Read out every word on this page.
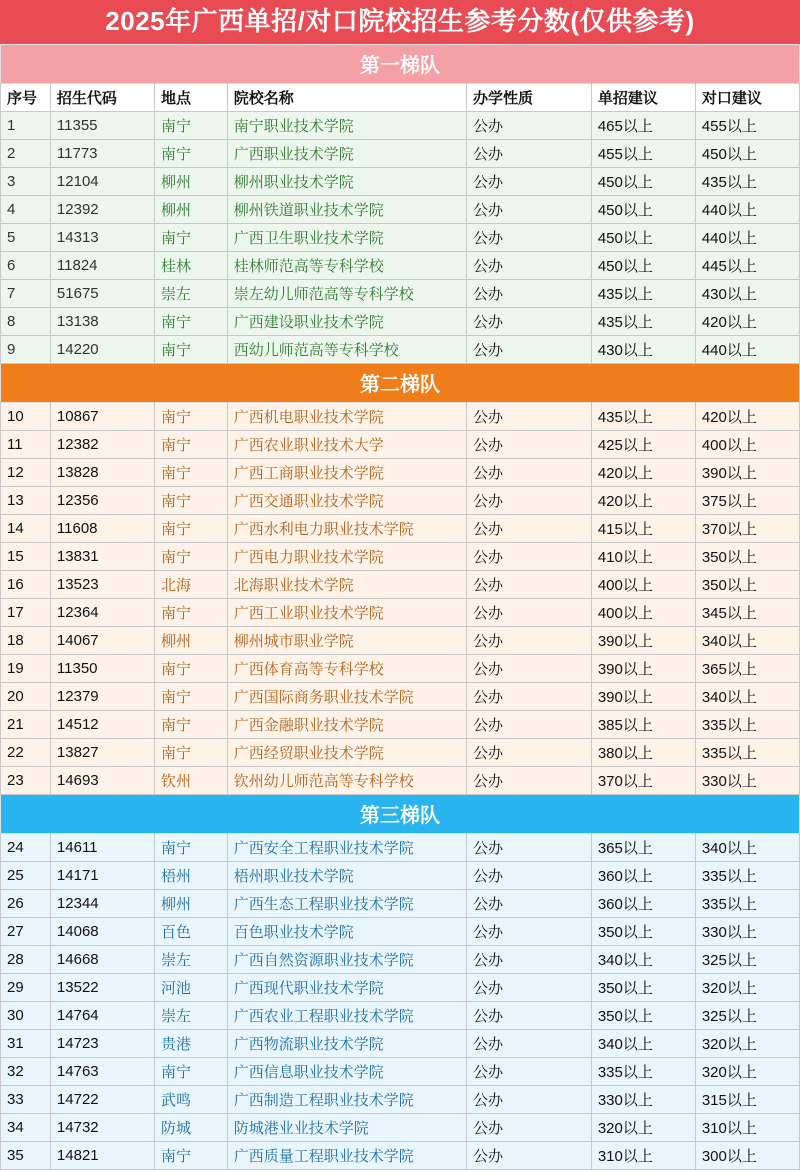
2025年广西单招/对口院校招生参考分数(仅供参考)
第一梯队						
序号	招生代码	地点	院校名称	办学性质	单招建议	对口建议
1	11355	南宁	南宁职业技术学院	公办	465以上	455以上
2	11773	南宁	广西职业技术学院	公办	455以上	450以上
3	12104	柳州	柳州职业技术学院	公办	450以上	435以上
4	12392	柳州	柳州铁道职业技术学院	公办	450以上	440以上
5	14313	南宁	广西卫生职业技术学院	公办	450以上	440以上
6	11824	桂林	桂林师范高等专科学校	公办	450以上	445以上
7	51675	崇左	崇左幼儿师范高等专科学校	公办	435以上	430以上
8	13138	南宁	广西建设职业技术学院	公办	435以上	420以上
9	14220	南宁	西幼儿师范高等专科学校	公办	430以上	440以上
第二梯队						
10	10867	南宁	广西机电职业技术学院	公办	435以上	420以上
11	12382	南宁	广西农业职业技术大学	公办	425以上	400以上
12	13828	南宁	广西工商职业技术学院	公办	420以上	390以上
13	12356	南宁	广西交通职业技术学院	公办	420以上	375以上
14	11608	南宁	广西水利电力职业技术学院	公办	415以上	370以上
15	13831	南宁	广西电力职业技术学院	公办	410以上	350以上
16	13523	北海	北海职业技术学院	公办	400以上	350以上
17	12364	南宁	广西工业职业技术学院	公办	400以上	345以上
18	14067	柳州	柳州城市职业学院	公办	390以上	340以上
19	11350	南宁	广西体育高等专科学校	公办	390以上	365以上
20	12379	南宁	广西国际商务职业技术学院	公办	390以上	340以上
21	14512	南宁	广西金融职业技术学院	公办	385以上	335以上
22	13827	南宁	广西经贸职业技术学院	公办	380以上	335以上
23	14693	钦州	钦州幼儿师范高等专科学校	公办	370以上	330以上
第三梯队						
24	14611	南宁	广西安全工程职业技术学院	公办	365以上	340以上
25	14171	梧州	梧州职业技术学院	公办	360以上	335以上
26	12344	柳州	广西生态工程职业技术学院	公办	360以上	335以上
27	14068	百色	百色职业技术学院	公办	350以上	330以上
28	14668	崇左	广西自然资源职业技术学院	公办	340以上	325以上
29	13522	河池	广西现代职业技术学院	公办	350以上	320以上
30	14764	崇左	广西农业工程职业技术学院	公办	350以上	325以上
31	14723	贵港	广西物流职业技术学院	公办	340以上	320以上
32	14763	南宁	广西信息职业技术学院	公办	335以上	320以上
33	14722	武鸣	广西制造工程职业技术学院	公办	330以上	315以上
34	14732	防城	防城港业业技术学院	公办	320以上	310以上
35	14821	南宁	广西质量工程职业技术学院	公办	310以上	300以上
